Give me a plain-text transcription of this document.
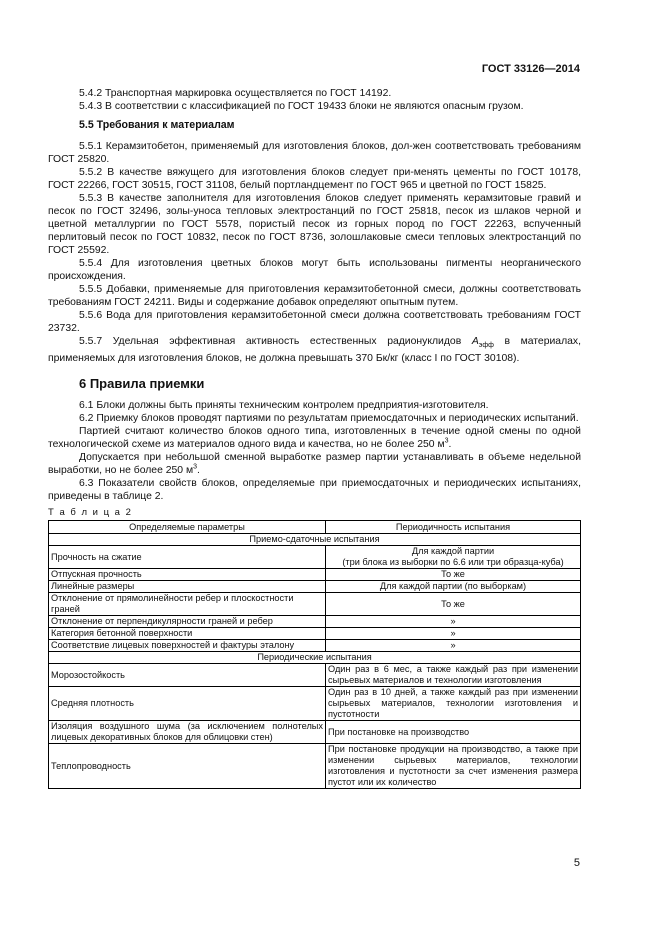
ГОСТ 33126—2014

5.4.2 Транспортная маркировка осуществляется по ГОСТ 14192.

5.4.3 В соответствии с классификацией по ГОСТ 19433 блоки не являются опасным грузом.

5.5 Требования к материалам

5.5.1 Керамзитобетон, применяемый для изготовления блоков, дол-жен соответствовать требованиям ГОСТ 25820.

5.5.2 В качестве вяжущего для изготовления блоков следует при-менять цементы по ГОСТ 10178, ГОСТ 22266, ГОСТ 30515, ГОСТ 31108, белый портландцемент по ГОСТ 965 и цветной по ГОСТ 15825.

5.5.3 В качестве заполнителя для изготовления блоков следует применять керамзитовые гравий и песок по ГОСТ 32496, золы-уноса тепловых электростанций по ГОСТ 25818, песок из шлаков черной и цветной металлургии по ГОСТ 5578, пористый песок из горных пород по ГОСТ 22263, вспученный перлитовый песок по ГОСТ 10832, песок по ГОСТ 8736, золошлаковые смеси тепловых электростанций по ГОСТ 25592.

5.5.4 Для изготовления цветных блоков могут быть использованы пигменты неорганического происхождения.

5.5.5 Добавки, применяемые для приготовления керамзитобетонной смеси, должны соответствовать требованиям ГОСТ 24211. Виды и содержание добавок определяют опытным путем.

5.5.6 Вода для приготовления керамзитобетонной смеси должна соответствовать требованиям ГОСТ 23732.

5.5.7 Удельная эффективная активность естественных радионуклидов $A_{эфф}$ в материалах, применяемых для изготовления блоков, не должна превышать 370 Бк/кг (класс I по ГОСТ 30108).

6 Правила приемки

6.1 Блоки должны быть приняты техническим контролем предприятия-изготовителя.

6.2 Приемку блоков проводят партиями по результатам приемосдаточных и периодических испытаний.

Партией считают количество блоков одного типа, изготовленных в течение одной смены по одной технологической схеме из материалов одного вида и качества, но не более 250 $м^3$.

Допускается при небольшой сменной выработке размер партии устанавливать в объеме недельной выработки, но не более 250 $м^3$.

6.3 Показатели свойств блоков, определяемые при приемосдаточных и периодических испытаниях, приведены в таблице 2.

Т а б л и ц а 2

Определяемые параметры	Периодичность испытания
Приемо-сдаточные испытания	
Прочность на сжатие	Для каждой партии
(три блока из выборки по 6.6 или три образца-куба)

Отпускная прочность	То же
Линейные размеры	Для каждой партии (по выборкам)
Отклонение от прямолинейности ребер и плоскостности граней	То же
Отклонение от перпендикулярности граней и ребер	»
Категория бетонной поверхности	»
Соответствие лицевых поверхностей и фактуры эталону	»
Периодические испытания	
Морозостойкость	Один раз в 6 мес, а также каждый раз при изменении сырьевых материалов и технологии изготовления
Средняя плотность	Один раз в 10 дней, а также каждый раз при изменении сырьевых материалов, технологии изготовления и пустотности
Изоляция воздушного шума (за исключением полнотелых лицевых декоративных блоков для облицовки стен)	При постановке на производство
Теплопроводность	При постановке продукции на производство, а также при изменении сырьевых материалов, технологии изготовления и пустотности за счет изменения размера пустот или их количество
5
